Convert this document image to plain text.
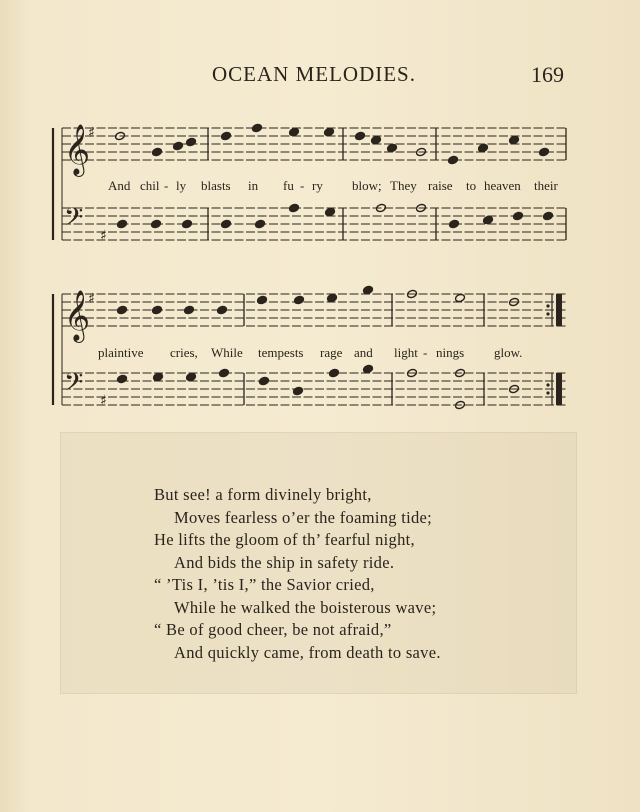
OCEAN MELODIES.	169
𝄞
♯
𝄞
♯
𝄢 ♯
𝄢 ♯
And chil - ly blasts in fu - ry blow; They raise to heaven their
plaintive cries, While tempests rage and light - nings glow.
But see! a form divinely bright,
Moves fearless o’er the foaming tide;
He lifts the gloom of th’ fearful night,
And bids the ship in safety ride.
“ ’Tis I, ’tis I,” the Savior cried,
While he walked the boisterous wave;
“ Be of good cheer, be not afraid,”
And quickly came, from death to save.
